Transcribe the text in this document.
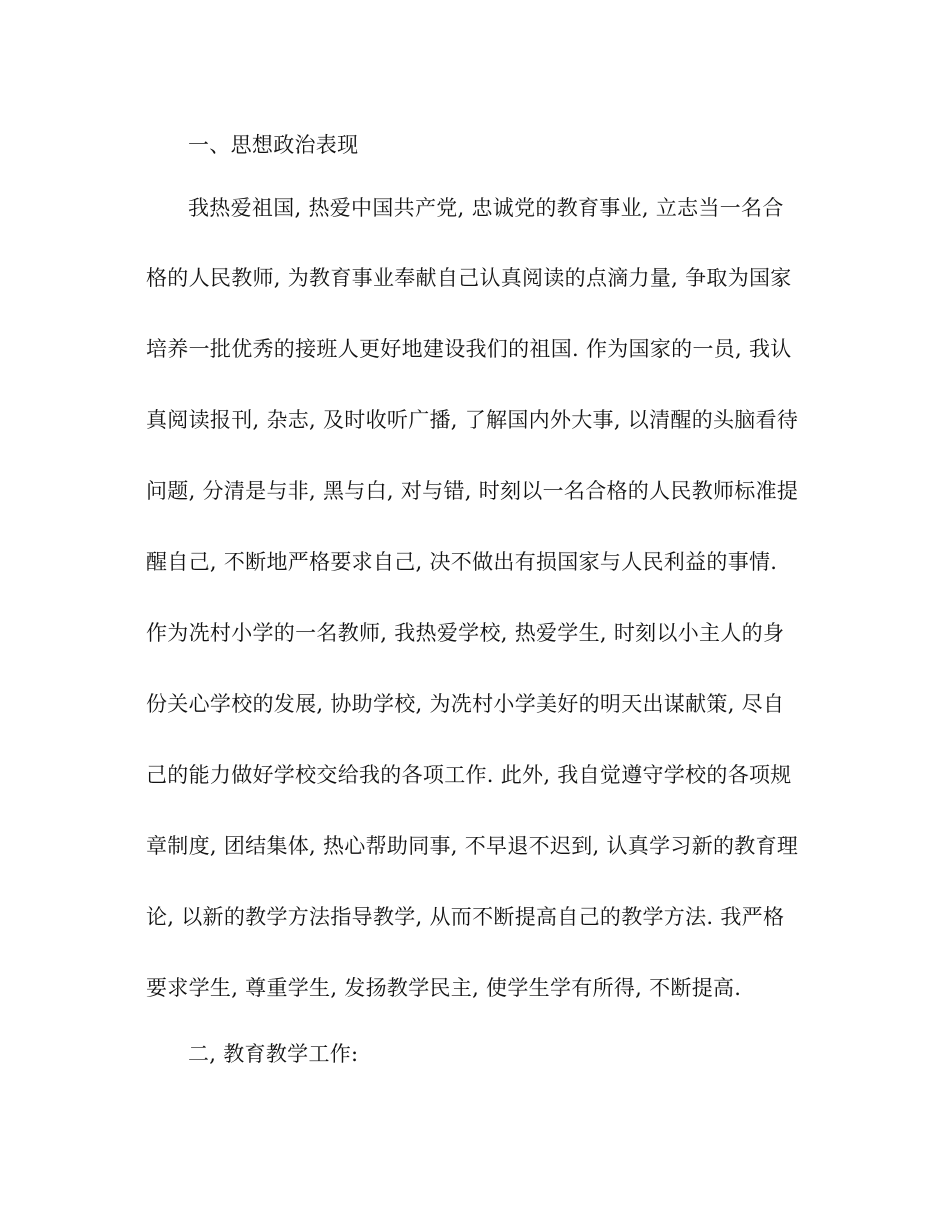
一、思想政治表现
我热爱祖国, 热爱中国共产党, 忠诚党的教育事业, 立志当一名合
格的人民教师, 为教育事业奉献自己认真阅读的点滴力量, 争取为国家
培养一批优秀的接班人更好地建设我们的祖国. 作为国家的一员, 我认
真阅读报刊, 杂志, 及时收听广播, 了解国内外大事, 以清醒的头脑看待
问题, 分清是与非, 黑与白, 对与错, 时刻以一名合格的人民教师标准提
醒自己, 不断地严格要求自己, 决不做出有损国家与人民利益的事情.
作为冼村小学的一名教师, 我热爱学校, 热爱学生, 时刻以小主人的身
份关心学校的发展, 协助学校, 为冼村小学美好的明天出谋献策, 尽自
己的能力做好学校交给我的各项工作. 此外, 我自觉遵守学校的各项规
章制度, 团结集体, 热心帮助同事, 不早退不迟到, 认真学习新的教育理
论, 以新的教学方法指导教学, 从而不断提高自己的教学方法. 我严格
要求学生, 尊重学生, 发扬教学民主, 使学生学有所得, 不断提高.
二, 教育教学工作:
